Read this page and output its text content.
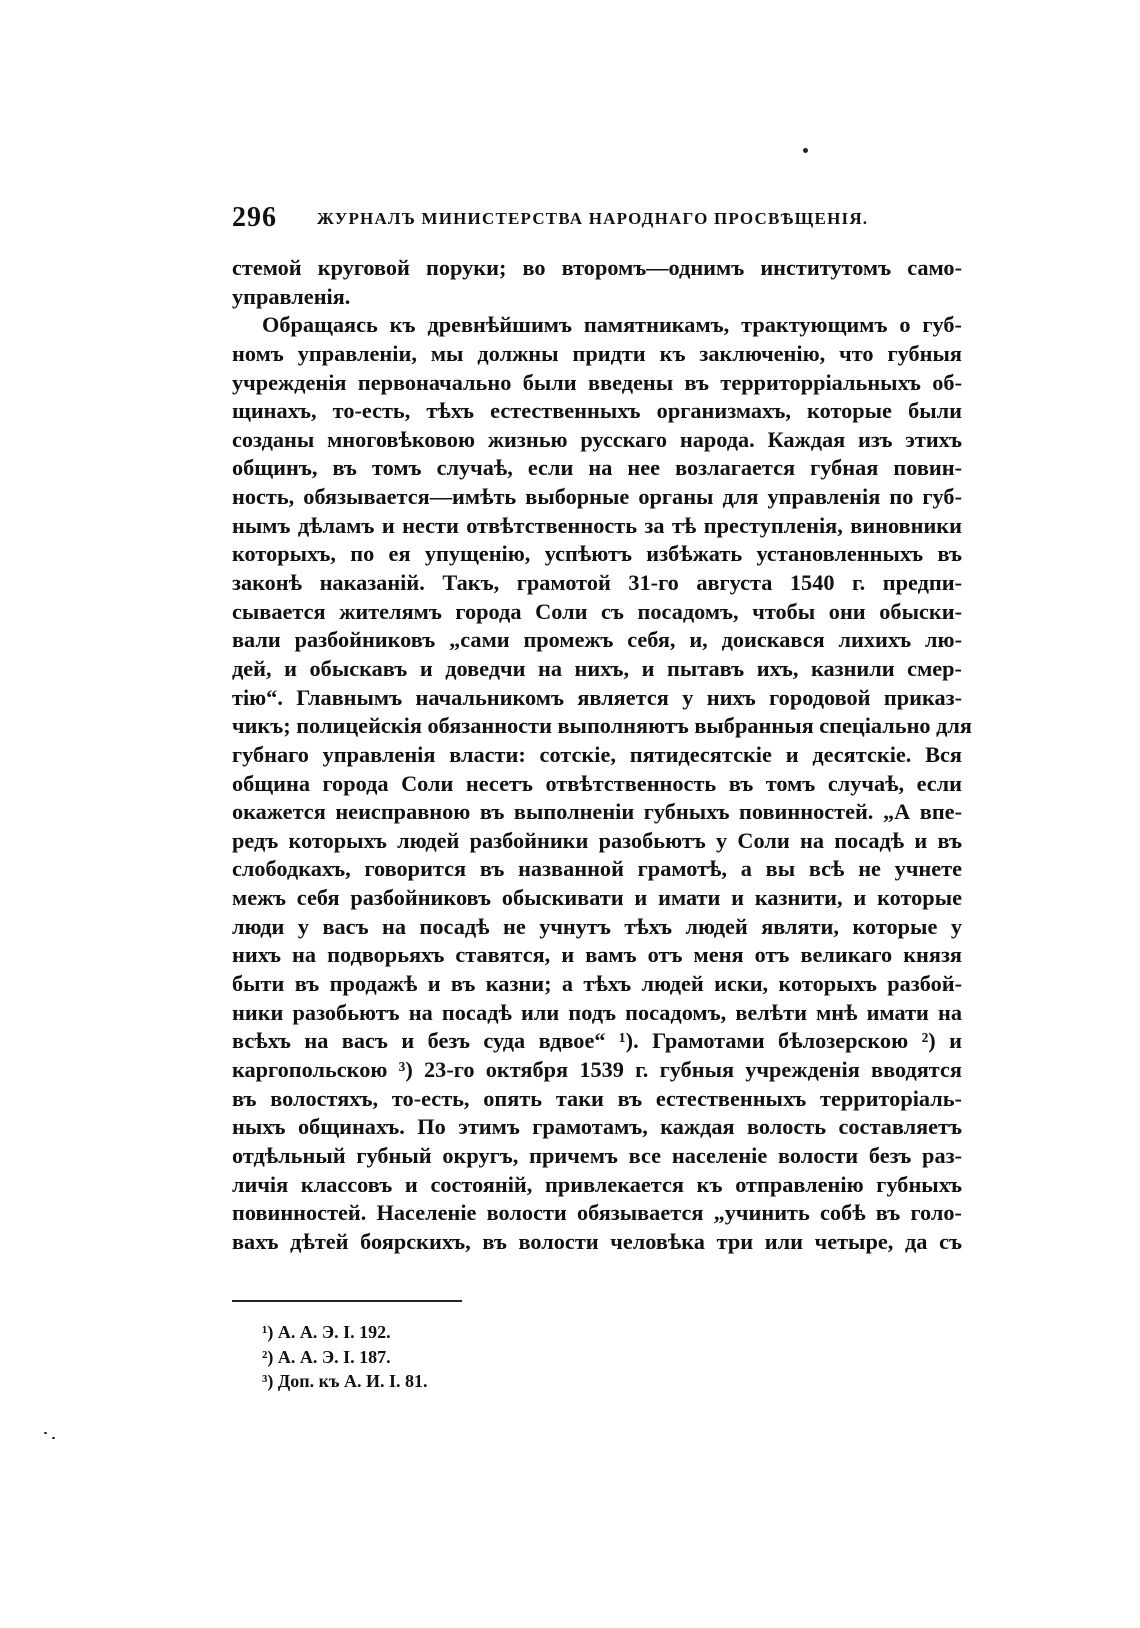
296 ЖУРНАЛЪ МИНИСТЕРСТВА НАРОДНАГО ПРОСВѢЩЕНІЯ.
стемой круговой поруки; во второмъ—однимъ институтомъ само-
управленія.
Обращаясь къ древнѣйшимъ памятникамъ, трактующимъ о губ-
номъ управленіи, мы должны придти къ заключенію, что губныя
учрежденія первоначально были введены въ территорріальныхъ об-
щинахъ, то-есть, тѣхъ естественныхъ организмахъ, которые были
созданы многовѣковою жизнью русскаго народа. Каждая изъ этихъ
общинъ, въ томъ случаѣ, если на нее возлагается губная повин-
ность, обязывается—имѣть выборные органы для управленія по губ-
нымъ дѣламъ и нести отвѣтственность за тѣ преступленія, виновники
которыхъ, по ея упущенію, успѣютъ избѣжать установленныхъ въ
законѣ наказаній. Такъ, грамотой 31-го августа 1540 г. предпи-
сывается жителямъ города Соли съ посадомъ, чтобы они обыски-
вали разбойниковъ „сами промежъ себя, и, доискався лихихъ лю-
дей, и обыскавъ и доведчи на нихъ, и пытавъ ихъ, казнили смер-
тію“. Главнымъ начальникомъ является у нихъ городовой приказ-
чикъ; полицейскія обязанности выполняютъ выбранныя спеціально для
губнаго управленія власти: сотскіе, пятидесятскіе и десятскіе. Вся
община города Соли несетъ отвѣтственность въ томъ случаѣ, если
окажется неисправною въ выполненіи губныхъ повинностей. „А впе-
редъ которыхъ людей разбойники разобьютъ у Соли на посадѣ и въ
слободкахъ, говорится въ названной грамотѣ, а вы всѣ не учнете
межъ себя разбойниковъ обыскивати и имати и казнити, и которые
люди у васъ на посадѣ не учнутъ тѣхъ людей являти, которые у
нихъ на подворьяхъ ставятся, и вамъ отъ меня отъ великаго князя
быти въ продажѣ и въ казни; а тѣхъ людей иски, которыхъ разбой-
ники разобьютъ на посадѣ или подъ посадомъ, велѣти мнѣ имати на
всѣхъ на васъ и безъ суда вдвое“ ¹). Грамотами бѣлозерскою ²) и
каргопольскою ³) 23-го октября 1539 г. губныя учрежденія вводятся
въ волостяхъ, то-есть, опять таки въ естественныхъ территоріаль-
ныхъ общинахъ. По этимъ грамотамъ, каждая волость составляетъ
отдѣльный губный округъ, причемъ все населеніе волости безъ раз-
личія классовъ и состояній, привлекается къ отправленію губныхъ
повинностей. Населеніе волости обязывается „учинить собѣ въ голо-
вахъ дѣтей боярскихъ, въ волости человѣка три или четыре, да съ
¹) А. А. Э. I. 192.
²) А. А. Э. I. 187.
³) Доп. къ А. И. I. 81.
